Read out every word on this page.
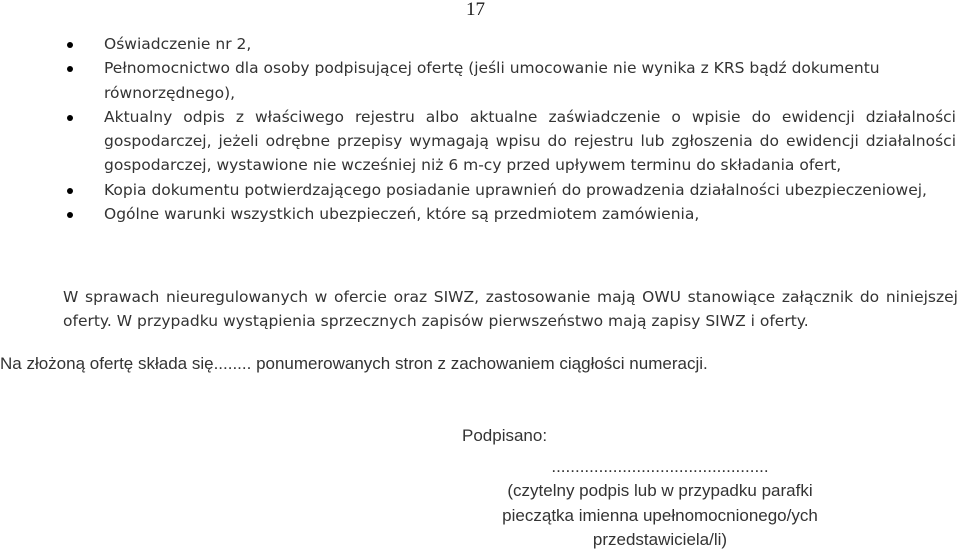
17
Oświadczenie nr 2,
Pełnomocnictwo dla osoby podpisującej ofertę (jeśli umocowanie nie wynika z KRS bądź dokumentu równorzędnego),
Aktualny odpis z właściwego rejestru albo aktualne zaświadczenie o wpisie do ewidencji działalności gospodarczej, jeżeli odrębne przepisy wymagają wpisu do rejestru lub zgłoszenia do ewidencji działalności gospodarczej, wystawione nie wcześniej niż 6 m-cy przed upływem terminu do składania ofert,
Kopia dokumentu potwierdzającego posiadanie uprawnień do prowadzenia działalności ubezpieczeniowej,
Ogólne warunki wszystkich ubezpieczeń, które są przedmiotem zamówienia,

W sprawach nieuregulowanych w ofercie oraz SIWZ, zastosowanie mają OWU stanowiące załącznik do niniejszej oferty. W przypadku wystąpienia sprzecznych zapisów pierwszeństwo mają zapisy SIWZ i oferty.

Na złożoną ofertę składa się........ ponumerowanych stron z zachowaniem ciągłości numeracji.

Podpisano:

..............................................
(czytelny podpis lub w przypadku parafki
pieczątka imienna upełnomocnionego/ych
przedstawiciela/li)
